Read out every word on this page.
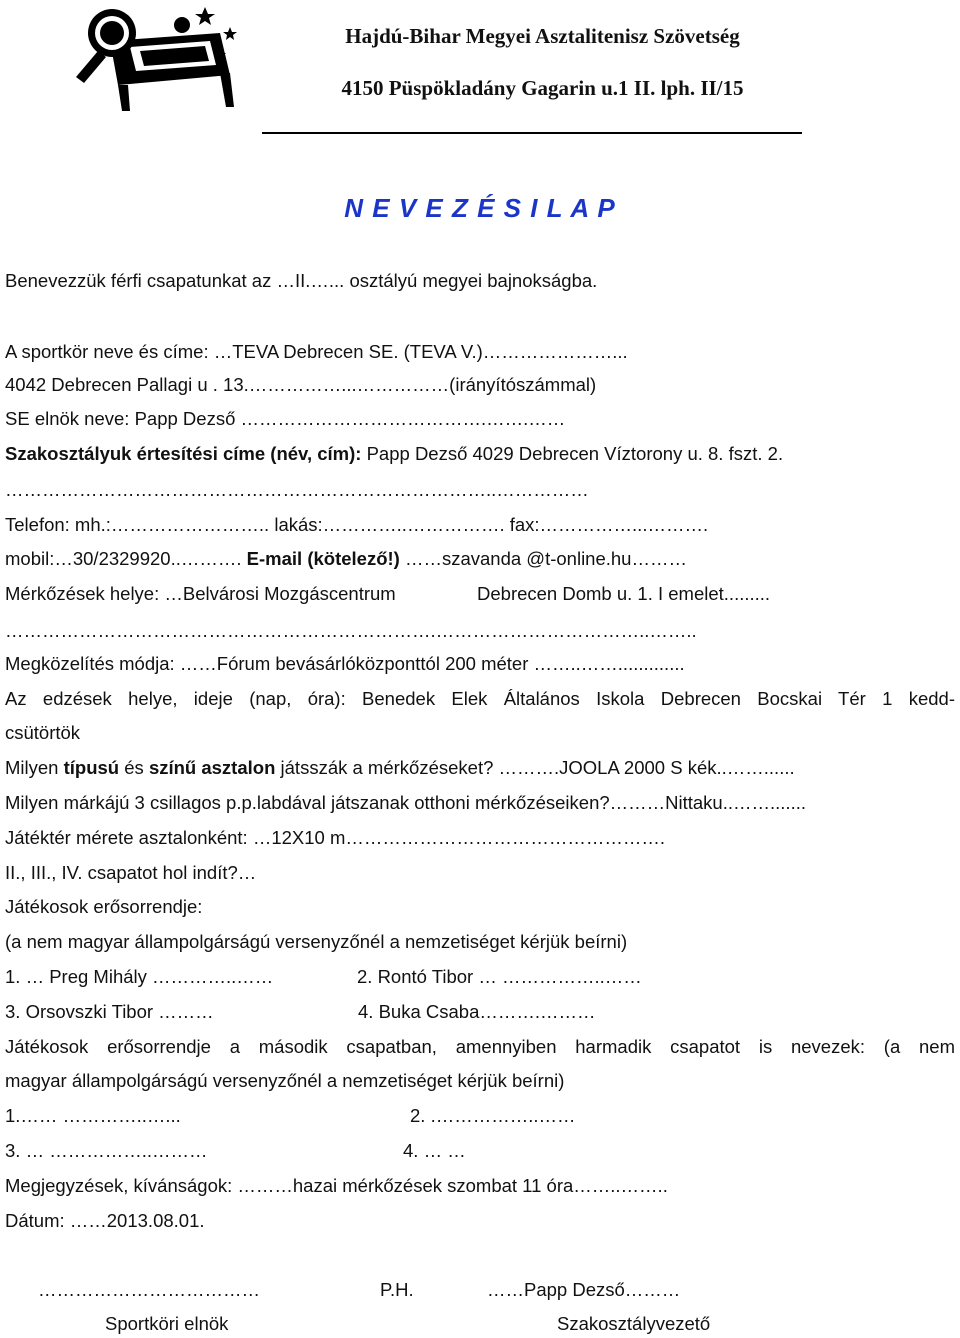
Hajdú-Bihar Megyei Asztalitenisz Szövetség
4150 Püspökladány Gagarin u.1 II. lph. II/15
N E V E Z É S I L A P
Benevezzük férfi csapatunkat az …II.…... osztályú megyei bajnokságba.
A sportkör neve és címe: …TEVA Debrecen SE. (TEVA V.)…………………...
4042 Debrecen Pallagi u . 13.……………...……………(irányítószámmal)
SE elnök neve: Papp Dezső ………………………………….…….……
Szakosztályuk értesítési címe (név, cím): Papp Dezső 4029 Debrecen Víztorony u. 8. fszt. 2.
……………………………………………………………………..……………
Telefon: mh.:…………………….. lakás:…………..……………. fax:……………...……….
mobil:…30/2329920..………. E-mail (kötelező!) ……szavanda @t-online.hu………
Mérkőzések helye: …Belvárosi Mozgáscentrum	Debrecen Domb u. 1. I emelet.........
…………………………………………………………….……………………………..……..
Megközelítés módja: ……Fórum bevásárlóközponttól 200 méter ……..…….............
Az edzések helye, ideje (nap, óra): Benedek Elek Általános Iskola Debrecen Bocskai Tér 1 kedd-
csütörtök
Milyen típusú és színű asztalon játsszák a mérkőzéseket? ……….JOOLA 2000 S kék..……......
Milyen márkájú 3 csillagos p.p.labdával játszanak otthoni mérkőzéseiken?………Nittaku..…….......
Játéktér mérete asztalonként: …12X10 m…………………………………………….
II., III., IV. csapatot hol indít?…
Játékosok erősorrendje:
(a nem magyar állampolgárságú versenyzőnél a nemzetiséget kérjük beírni)
1. … Preg Mihály …………..……	2. Rontó Tibor … ……………..……
3. Orsovszki Tibor ………	4. Buka Csaba……….………
Játékosok erősorrendje a második csapatban, amennyiben harmadik csapatot is nevezek: (a nem
magyar állampolgárságú versenyzőnél a nemzetiséget kérjük beírni)
1.…… …………..…...	2. .……………..……
3. … ……………..………	4. … …
Megjegyzések, kívánságok: ………hazai mérkőzések szombat 11 óra……..……..
Dátum: ……2013.08.01.
………………………………	P.H.	……Papp Dezső………
Sportköri elnök	Szakosztályvezető
